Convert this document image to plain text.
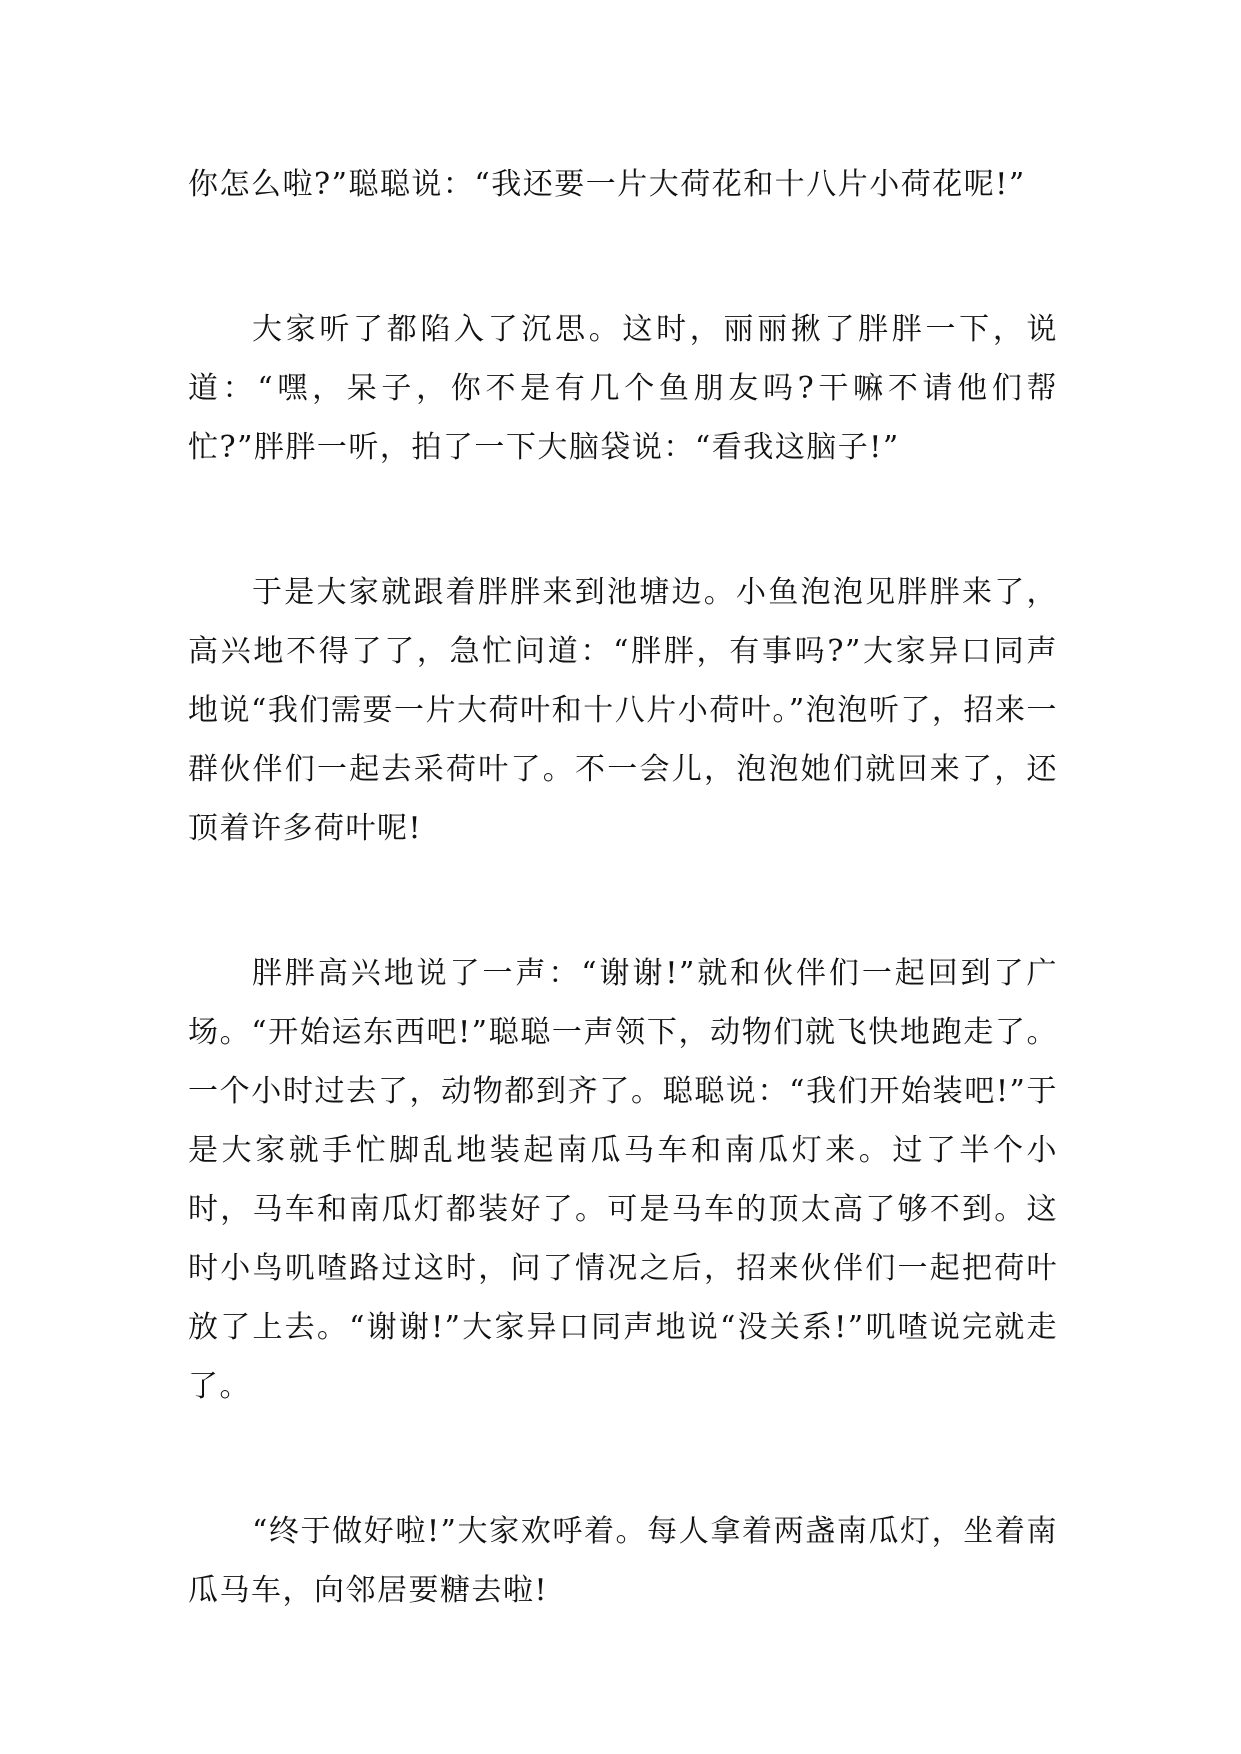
你怎么啦?”聪聪说：“我还要一片大荷花和十八片小荷花呢!”

大家听了都陷入了沉思。这时，丽丽揪了胖胖一下，说道：“嘿，呆子，你不是有几个鱼朋友吗?干嘛不请他们帮忙?”胖胖一听，拍了一下大脑袋说：“看我这脑子!”

于是大家就跟着胖胖来到池塘边。小鱼泡泡见胖胖来了，高兴地不得了了，急忙问道：“胖胖，有事吗?”大家异口同声地说“我们需要一片大荷叶和十八片小荷叶。”泡泡听了，招来一群伙伴们一起去采荷叶了。不一会儿，泡泡她们就回来了，还顶着许多荷叶呢!

胖胖高兴地说了一声：“谢谢!”就和伙伴们一起回到了广场。“开始运东西吧!”聪聪一声领下，动物们就飞快地跑走了。一个小时过去了，动物都到齐了。聪聪说：“我们开始装吧!”于是大家就手忙脚乱地装起南瓜马车和南瓜灯来。过了半个小时，马车和南瓜灯都装好了。可是马车的顶太高了够不到。这时小鸟叽喳路过这时，问了情况之后，招来伙伴们一起把荷叶放了上去。“谢谢!”大家异口同声地说“没关系!”叽喳说完就走了。

“终于做好啦!”大家欢呼着。每人拿着两盏南瓜灯，坐着南瓜马车，向邻居要糖去啦!
